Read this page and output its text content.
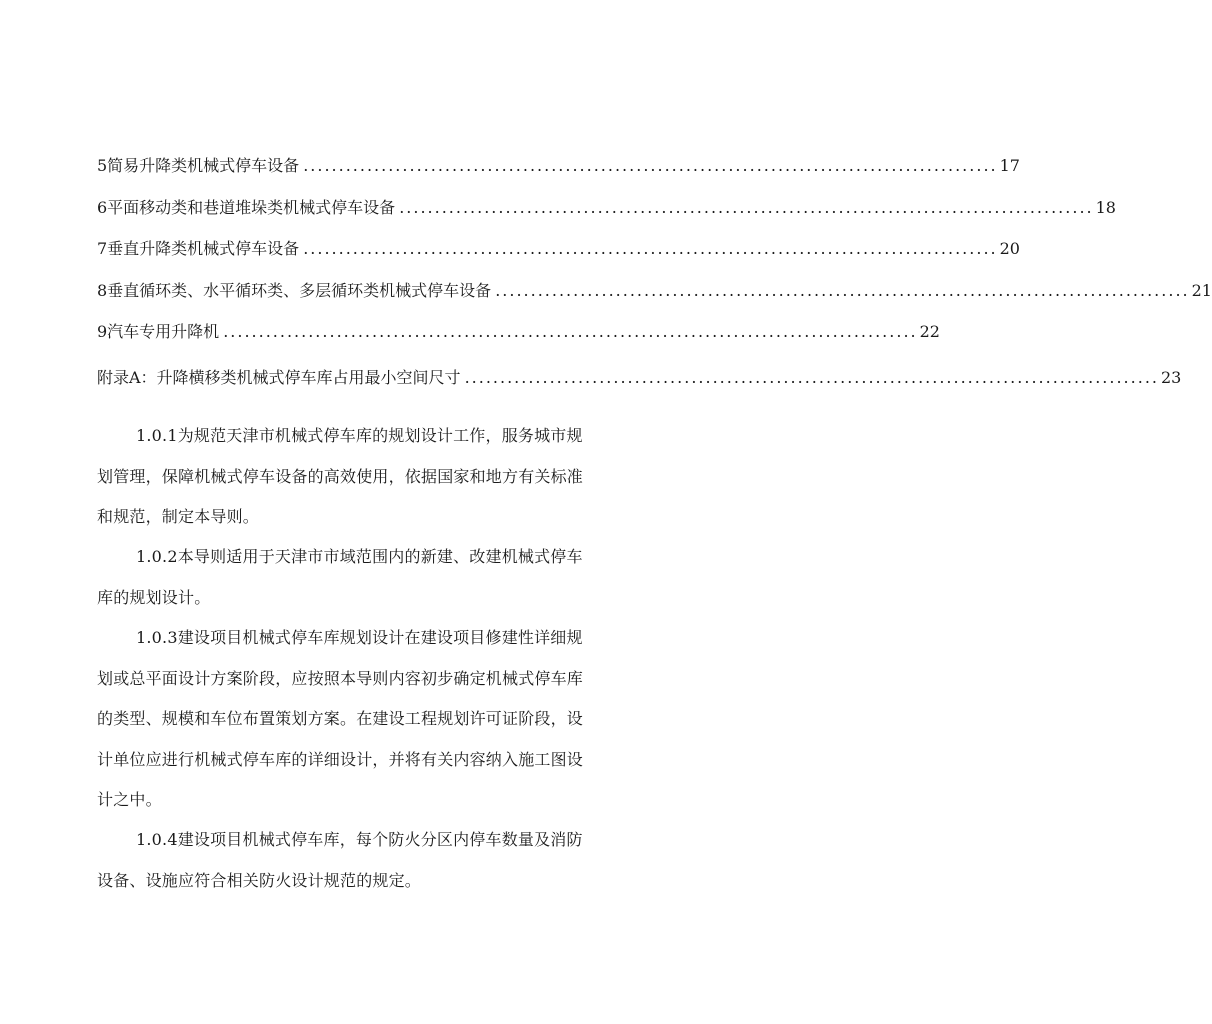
5简易升降类机械式停车设备 .................................................................................................. 17
6平面移动类和巷道堆垛类机械式停车设备 .................................................................................................. 18
7垂直升降类机械式停车设备 .................................................................................................. 20
8垂直循环类、水平循环类、多层循环类机械式停车设备 .................................................................................................. 21
9汽车专用升降机 .................................................................................................. 22
附录A：升降横移类机械式停车库占用最小空间尺寸 .................................................................................................. 23
1.0.1为规范天津市机械式停车库的规划设计工作，服务城市规
划管理，保障机械式停车设备的高效使用，依据国家和地方有关标准
和规范，制定本导则。
1.0.2本导则适用于天津市市域范围内的新建、改建机械式停车
库的规划设计。
1.0.3建设项目机械式停车库规划设计在建设项目修建性详细规
划或总平面设计方案阶段，应按照本导则内容初步确定机械式停车库
的类型、规模和车位布置策划方案。在建设工程规划许可证阶段，设
计单位应进行机械式停车库的详细设计，并将有关内容纳入施工图设
计之中。
1.0.4建设项目机械式停车库，每个防火分区内停车数量及消防
设备、设施应符合相关防火设计规范的规定。
